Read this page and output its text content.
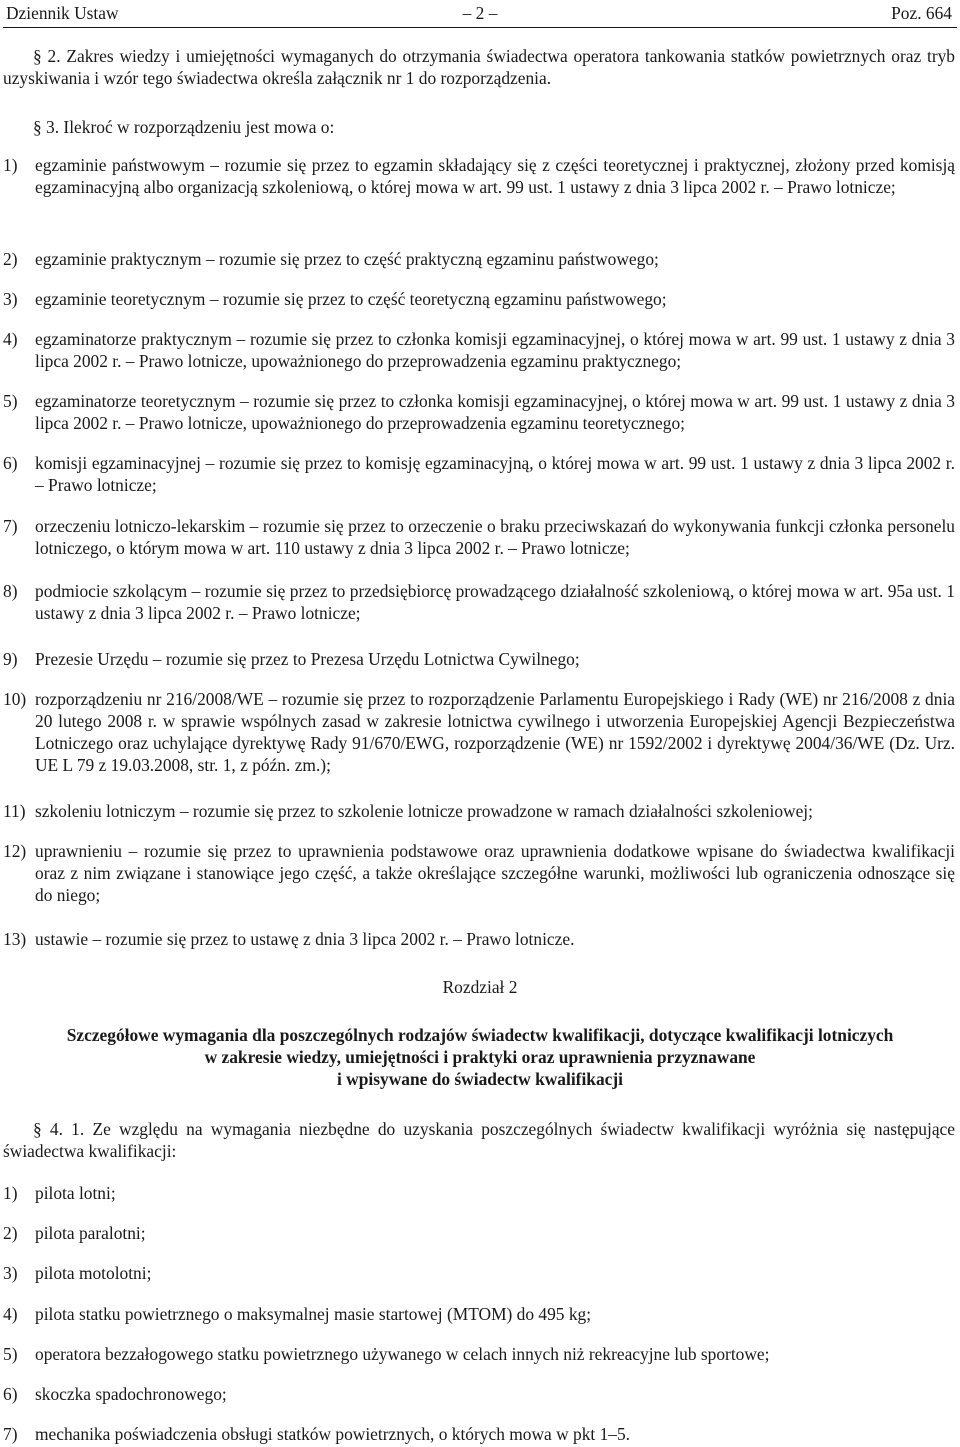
Dziennik Ustaw	– 2 –	Poz. 664

§ 2. Zakres wiedzy i umiejętności wymaganych do otrzymania świadectwa operatora tankowania statków powietrznych oraz tryb uzyskiwania i wzór tego świadectwa określa załącznik nr 1 do rozporządzenia.

§ 3. Ilekroć w rozporządzeniu jest mowa o:

1) egzaminie państwowym – rozumie się przez to egzamin składający się z części teoretycznej i praktycznej, złożony przed komisją egzaminacyjną albo organizacją szkoleniową, o której mowa w art. 99 ust. 1 ustawy z dnia 3 lipca 2002 r. – Prawo lotnicze;
2) egzaminie praktycznym – rozumie się przez to część praktyczną egzaminu państwowego;
3) egzaminie teoretycznym – rozumie się przez to część teoretyczną egzaminu państwowego;
4) egzaminatorze praktycznym – rozumie się przez to członka komisji egzaminacyjnej, o której mowa w art. 99 ust. 1 ustawy z dnia 3 lipca 2002 r. – Prawo lotnicze, upoważnionego do przeprowadzenia egzaminu praktycznego;
5) egzaminatorze teoretycznym – rozumie się przez to członka komisji egzaminacyjnej, o której mowa w art. 99 ust. 1 ustawy z dnia 3 lipca 2002 r. – Prawo lotnicze, upoważnionego do przeprowadzenia egzaminu teoretycznego;
6) komisji egzaminacyjnej – rozumie się przez to komisję egzaminacyjną, o której mowa w art. 99 ust. 1 ustawy z dnia 3 lipca 2002 r. – Prawo lotnicze;
7) orzeczeniu lotniczo-lekarskim – rozumie się przez to orzeczenie o braku przeciwskazań do wykonywania funkcji członka personelu lotniczego, o którym mowa w art. 110 ustawy z dnia 3 lipca 2002 r. – Prawo lotnicze;
8) podmiocie szkolącym – rozumie się przez to przedsiębiorcę prowadzącego działalność szkoleniową, o której mowa w art. 95a ust. 1 ustawy z dnia 3 lipca 2002 r. – Prawo lotnicze;
9) Prezesie Urzędu – rozumie się przez to Prezesa Urzędu Lotnictwa Cywilnego;
10) rozporządzeniu nr 216/2008/WE – rozumie się przez to rozporządzenie Parlamentu Europejskiego i Rady (WE) nr 216/2008 z dnia 20 lutego 2008 r. w sprawie wspólnych zasad w zakresie lotnictwa cywilnego i utworzenia Europejskiej Agencji Bezpieczeństwa Lotniczego oraz uchylające dyrektywę Rady 91/670/EWG, rozporządzenie (WE) nr 1592/2002 i dyrektywę 2004/36/WE (Dz. Urz. UE L 79 z 19.03.2008, str. 1, z późn. zm.);
11) szkoleniu lotniczym – rozumie się przez to szkolenie lotnicze prowadzone w ramach działalności szkoleniowej;
12) uprawnieniu – rozumie się przez to uprawnienia podstawowe oraz uprawnienia dodatkowe wpisane do świadectwa kwalifikacji oraz z nim związane i stanowiące jego część, a także określające szczegółne warunki, możliwości lub ograniczenia odnoszące się do niego;
13) ustawie – rozumie się przez to ustawę z dnia 3 lipca 2002 r. – Prawo lotnicze.
Rozdział 2
Szczegółowe wymagania dla poszczególnych rodzajów świadectw kwalifikacji, dotyczące kwalifikacji lotniczych
w zakresie wiedzy, umiejętności i praktyki oraz uprawnienia przyznawane
i wpisywane do świadectw kwalifikacji

§ 4. 1. Ze względu na wymagania niezbędne do uzyskania poszczególnych świadectw kwalifikacji wyróżnia się następujące świadectwa kwalifikacji:

1) pilota lotni;
2) pilota paralotni;
3) pilota motolotni;
4) pilota statku powietrznego o maksymalnej masie startowej (MTOM) do 495 kg;
5) operatora bezzałogowego statku powietrznego używanego w celach innych niż rekreacyjne lub sportowe;
6) skoczka spadochronowego;
7) mechanika poświadczenia obsługi statków powietrznych, o których mowa w pkt 1–5.
